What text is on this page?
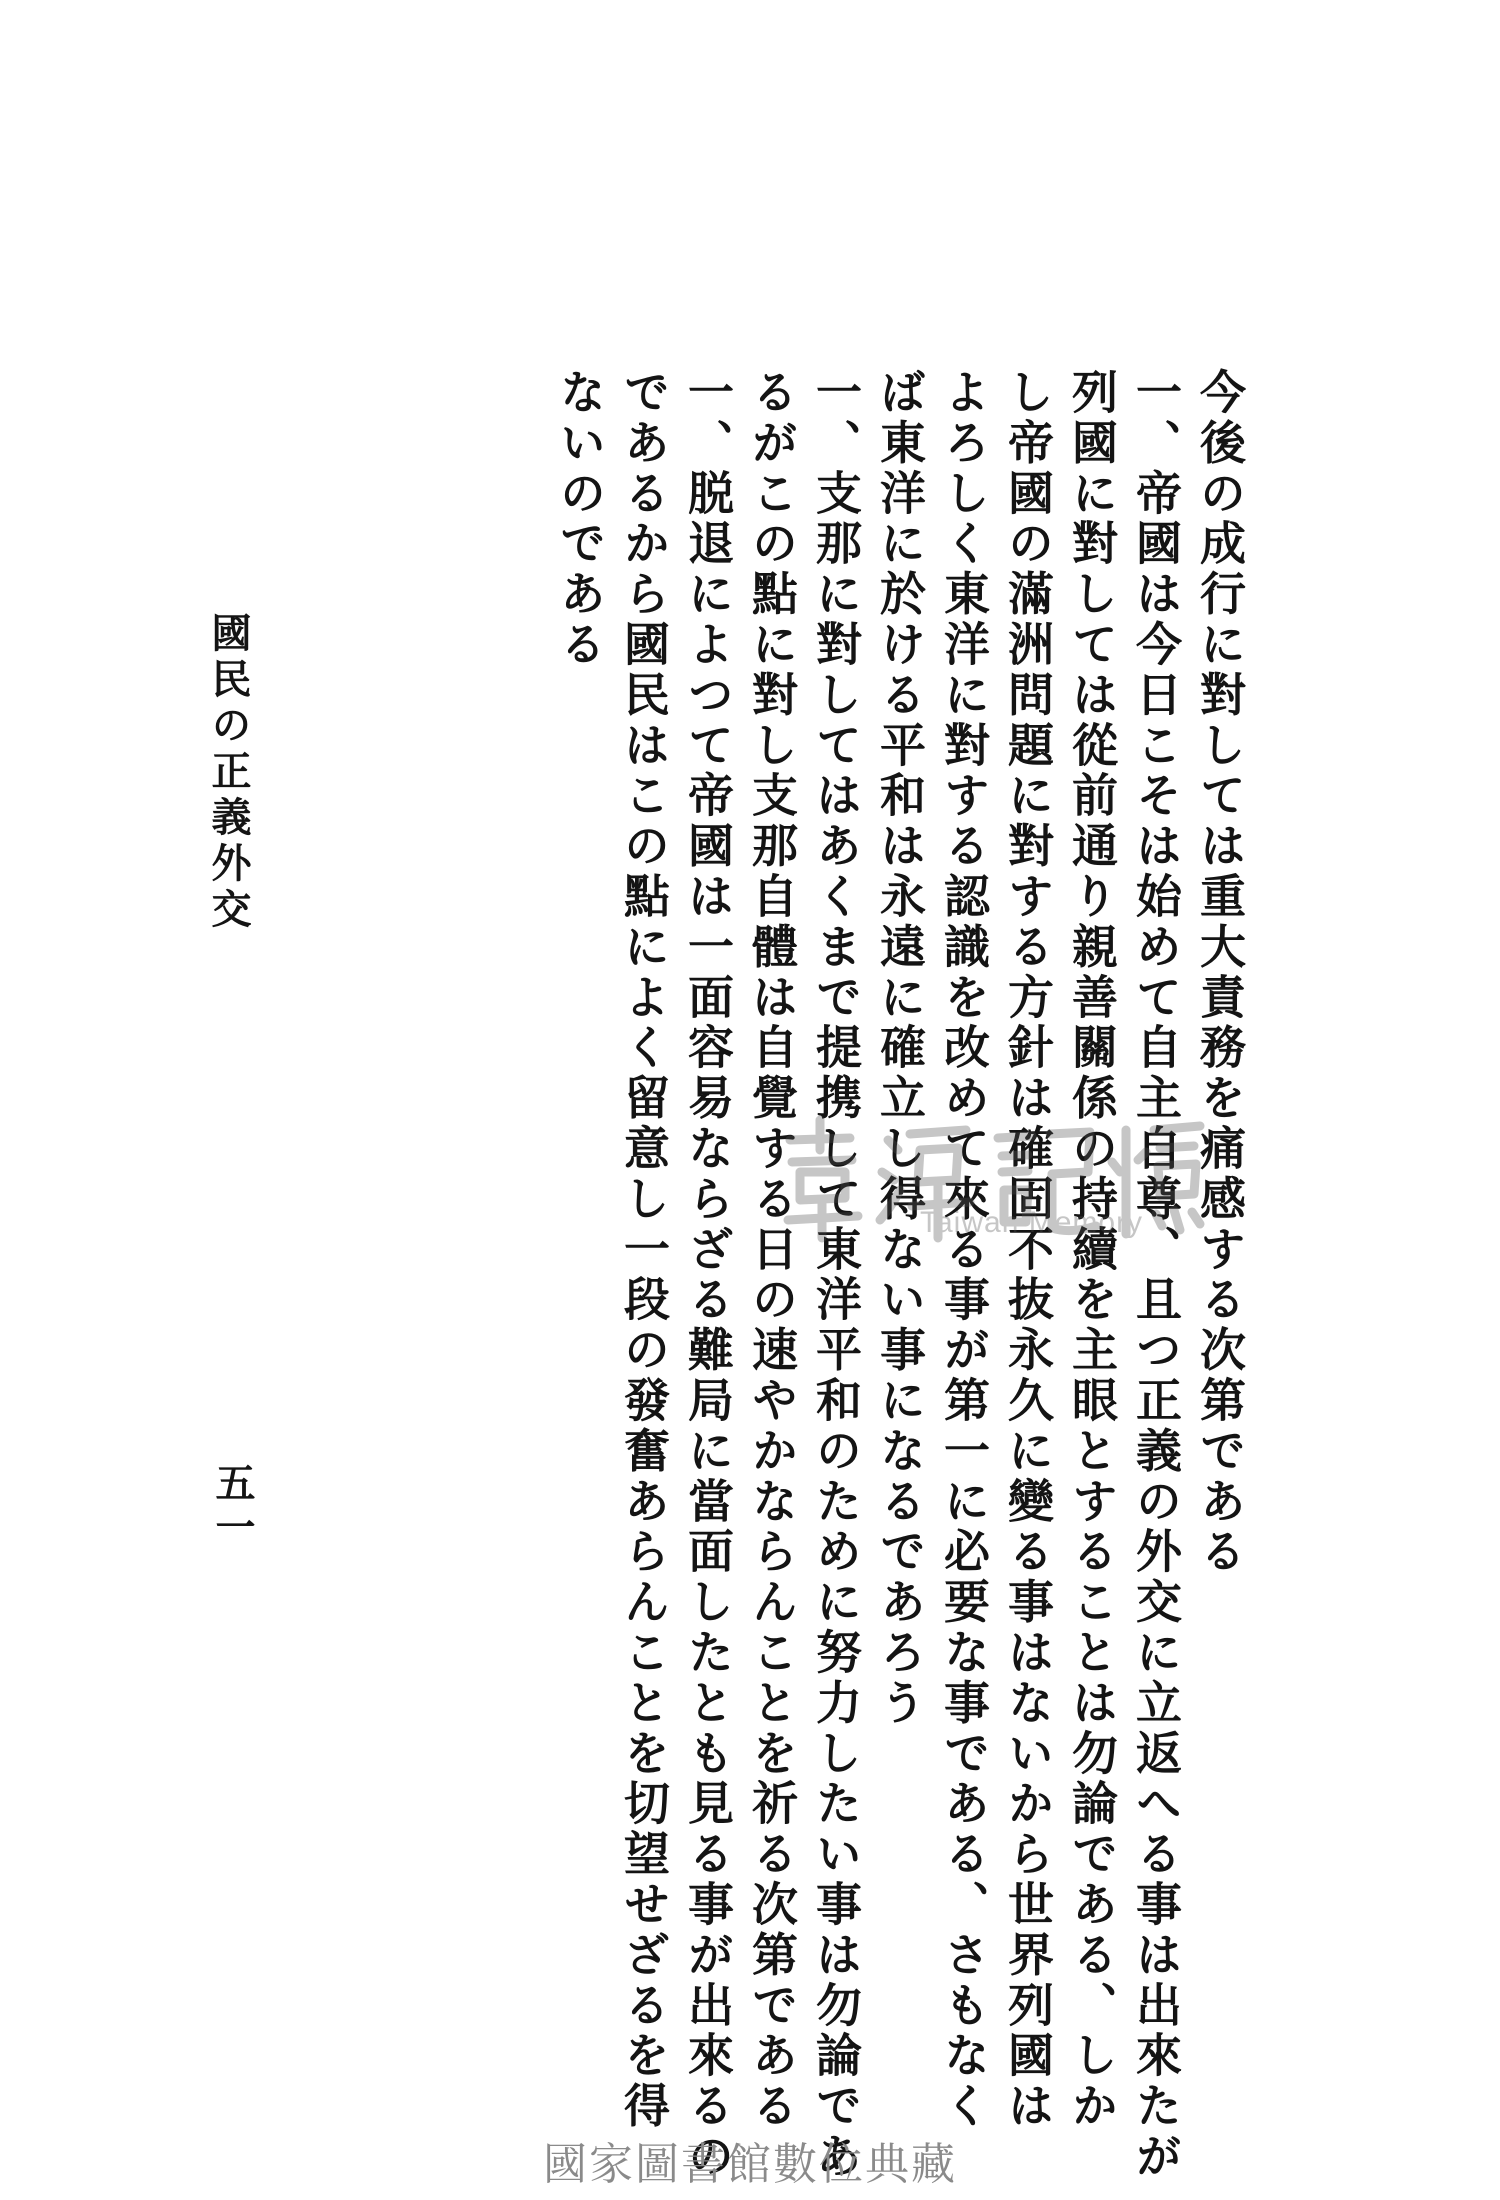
今後の成行に對しては重大責務を痛感する次第である
一、帝國は今日こそは始めて自主自尊、且つ正義の外交に立返へる事は出來たが
列國に對しては從前通り親善關係の持續を主眼とすることは勿論である、しか
し帝國の滿洲問題に對する方針は確固不抜永久に變る事はないから世界列國は
よろしく東洋に對する認識を改めて來る事が第一に必要な事である、さもなく
ば東洋に於ける平和は永遠に確立し得ない事になるであろう
一、支那に對してはあくまで提携して東洋平和のために努力したい事は勿論であ
るがこの點に對し支那自體は自覺する日の速やかならんことを祈る次第である
一、脱退によつて帝國は一面容易ならざる難局に當面したとも見る事が出來るの
であるから國民はこの點によく留意し一段の發奮あらんことを切望せざるを得
ないのである
國民の正義外交
五一
Taiwan Memory
國家圖書館數位典藏
